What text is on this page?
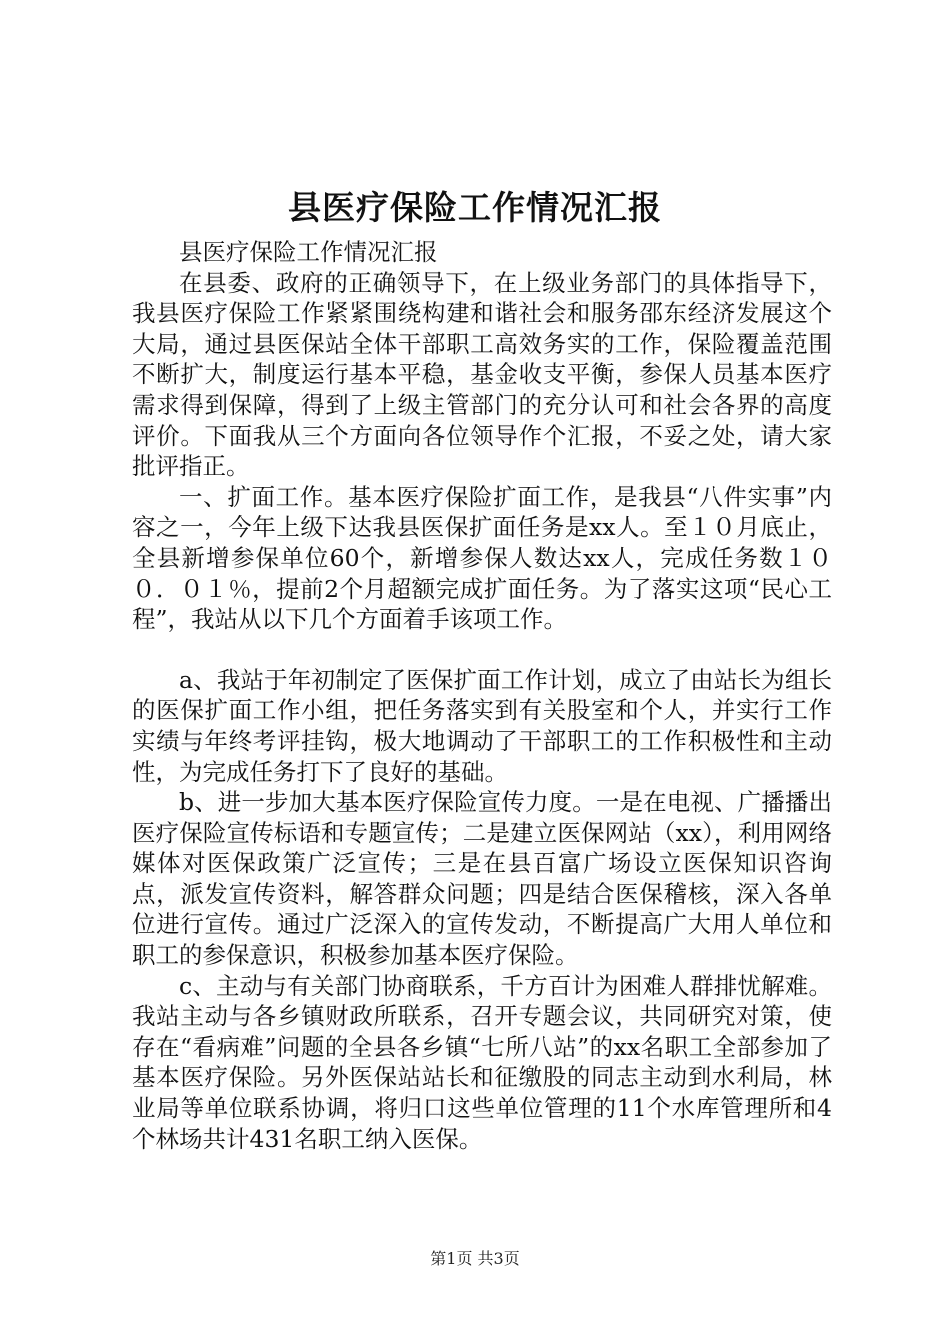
县医疗保险工作情况汇报

县医疗保险工作情况汇报

在县委、政府的正确领导下，在上级业务部门的具体指导下，我县医疗保险工作紧紧围绕构建和谐社会和服务邵东经济发展这个大局，通过县医保站全体干部职工高效务实的工作，保险覆盖范围不断扩大，制度运行基本平稳，基金收支平衡，参保人员基本医疗需求得到保障，得到了上级主管部门的充分认可和社会各界的高度评价。下面我从三个方面向各位领导作个汇报，不妥之处，请大家批评指正。

一、扩面工作。基本医疗保险扩面工作，是我县“八件实事”内容之一，今年上级下达我县医保扩面任务是xx人。至１０月底止，全县新增参保单位60个，新增参保人数达xx人，完成任务数１００．０１％，提前2个月超额完成扩面任务。为了落实这项“民心工程”，我站从以下几个方面着手该项工作。

a、我站于年初制定了医保扩面工作计划，成立了由站长为组长的医保扩面工作小组，把任务落实到有关股室和个人，并实行工作实绩与年终考评挂钩，极大地调动了干部职工的工作积极性和主动性，为完成任务打下了良好的基础。

b、进一步加大基本医疗保险宣传力度。一是在电视、广播播出医疗保险宣传标语和专题宣传；二是建立医保网站（xx），利用网络媒体对医保政策广泛宣传；三是在县百富广场设立医保知识咨询点，派发宣传资料，解答群众问题；四是结合医保稽核，深入各单位进行宣传。通过广泛深入的宣传发动，不断提高广大用人单位和职工的参保意识，积极参加基本医疗保险。

c、主动与有关部门协商联系，千方百计为困难人群排忧解难。我站主动与各乡镇财政所联系，召开专题会议，共同研究对策，使存在“看病难”问题的全县各乡镇“七所八站”的xx名职工全部参加了基本医疗保险。另外医保站站长和征缴股的同志主动到水利局，林业局等单位联系协调，将归口这些单位管理的11个水库管理所和4个林场共计431名职工纳入医保。

第1页 共3页
